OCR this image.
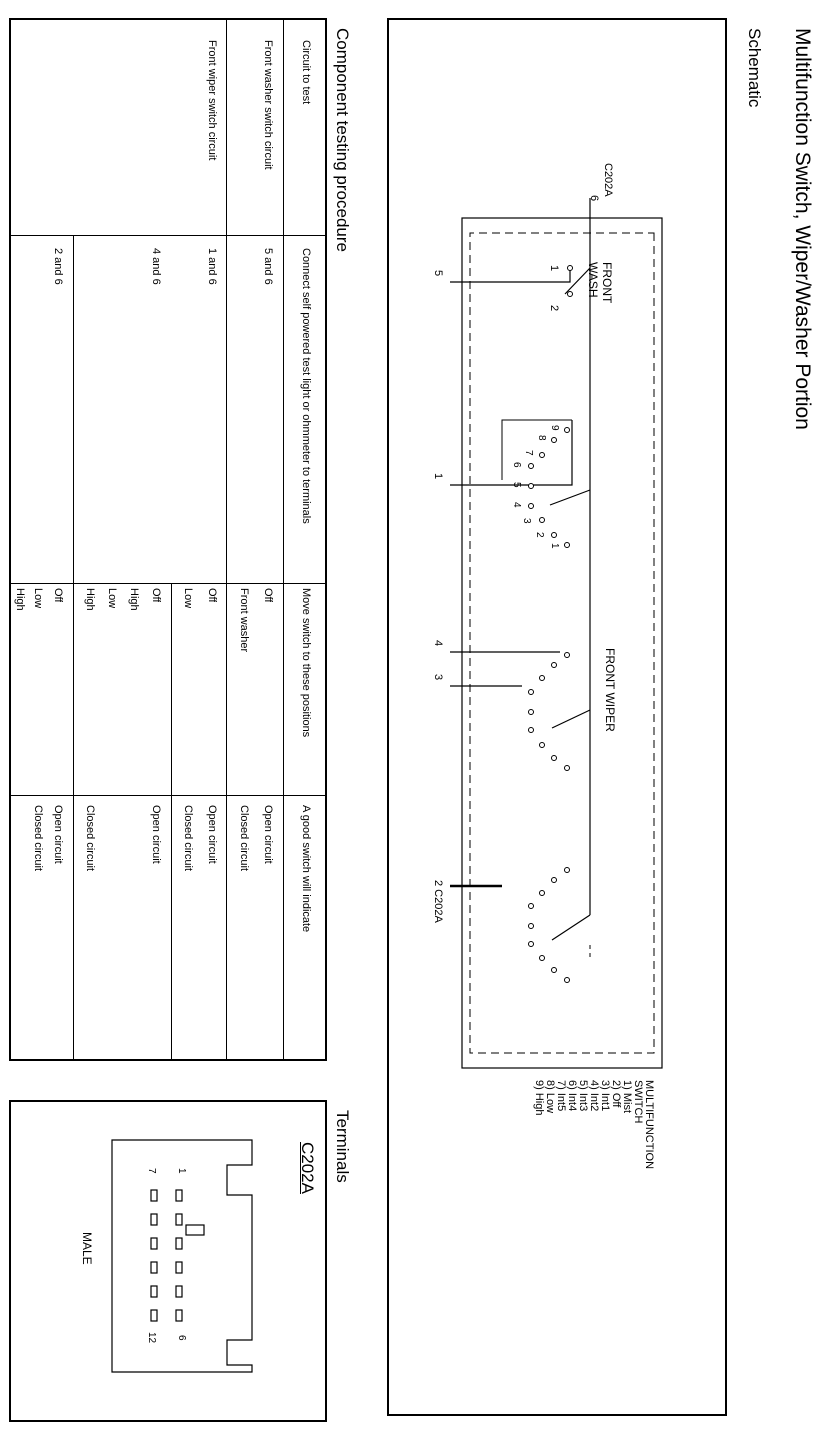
Multifunction Switch, Wiper/Washer Portion
Schematic
C202A
6
FRONT
WASH
1
2
FRONT WIPER
5
1
4
3
2 C202A
9
8
7
6
5
4
3
2
1
MULTIFUNCTION
SWITCH
1) Mist
2) Off
3) Int1
4) Int2
5) Int3
6) Int4
7) Int5
8) Low
9) High
Component testing procedure
Circuit to test
Connect self powered test light or ohmmeter to terminals
Move switch to these positions
A good switch will indicate
Front washer switch circuit
5 and 6
Off
Open circuit
Front washer
Closed circuit
Front wiper switch circuit
1 and 6
Off
Open circuit
Low
Closed circuit
4 and 6
Off
Open circuit
High
Low
High
Closed circuit
2 and 6
Off
Open circuit
Low
Closed circuit
High
Terminals
C202A
1
6
7
12
MALE
